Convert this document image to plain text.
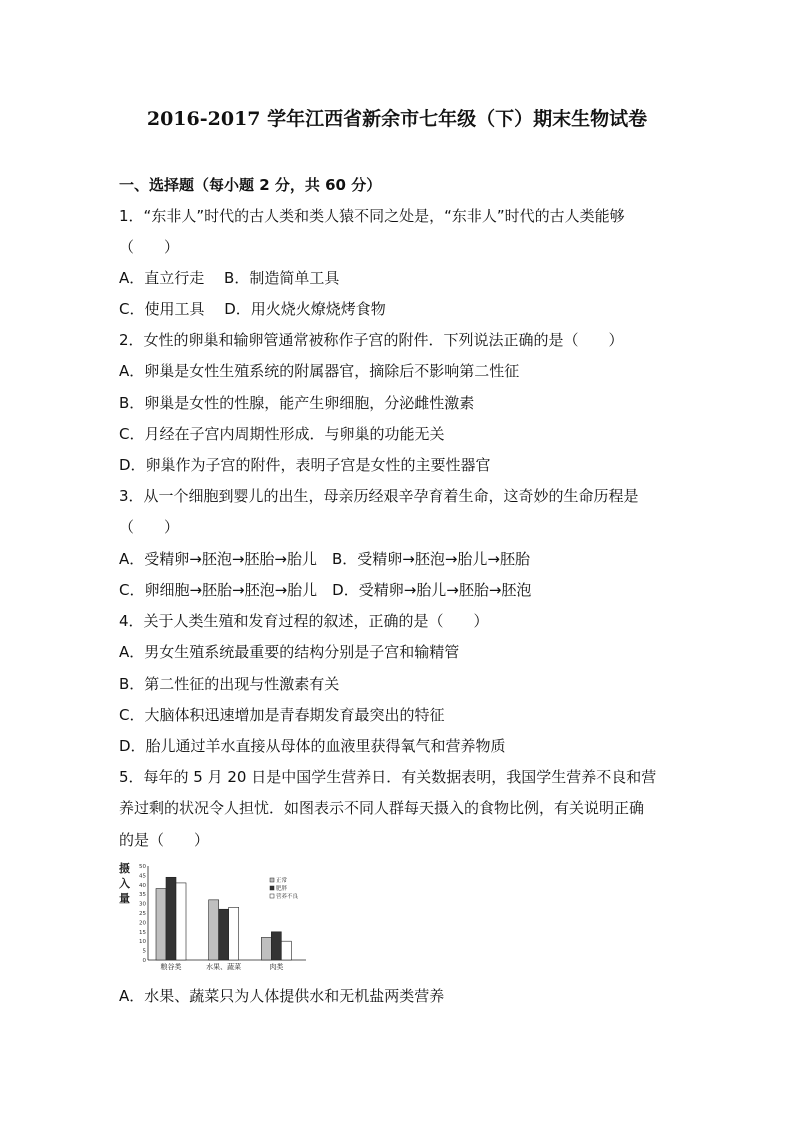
2016-2017 学年江西省新余市七年级（下）期末生物试卷
一、选择题（每小题 2 分，共 60 分）
1．“东非人”时代的古人类和类人猿不同之处是，“东非人”时代的古人类能够
（　　）
A．直立行走　 B．制造简单工具
C．使用工具　 D．用火烧火燎烧烤食物
2．女性的卵巢和输卵管通常被称作子宫的附件．下列说法正确的是（　　）
A．卵巢是女性生殖系统的附属器官，摘除后不影响第二性征
B．卵巢是女性的性腺，能产生卵细胞，分泌雌性激素
C．月经在子宫内周期性形成．与卵巢的功能无关
D．卵巢作为子宫的附件，表明子宫是女性的主要性器官
3．从一个细胞到婴儿的出生，母亲历经艰辛孕育着生命，这奇妙的生命历程是
（　　）
A．受精卵→胚泡→胚胎→胎儿　B．受精卵→胚泡→胎儿→胚胎
C．卵细胞→胚胎→胚泡→胎儿　D．受精卵→胎儿→胚胎→胚泡
4．关于人类生殖和发育过程的叙述，正确的是（　　）
A．男女生殖系统最重要的结构分别是子宫和输精管
B．第二性征的出现与性激素有关
C．大脑体积迅速增加是青春期发育最突出的特征
D．胎儿通过羊水直接从母体的血液里获得氧气和营养物质
5．每年的 5 月 20 日是中国学生营养日．有关数据表明，我国学生营养不良和营
养过剩的状况令人担忧．如图表示不同人群每天摄入的食物比例，有关说明正确
的是（　　）
摄
入
量
0
5
10
15
20
25
30
35
40
45
50
粮谷类	水果、蔬菜	肉类
正常
肥胖
营养不良
A．水果、蔬菜只为人体提供水和无机盐两类营养
